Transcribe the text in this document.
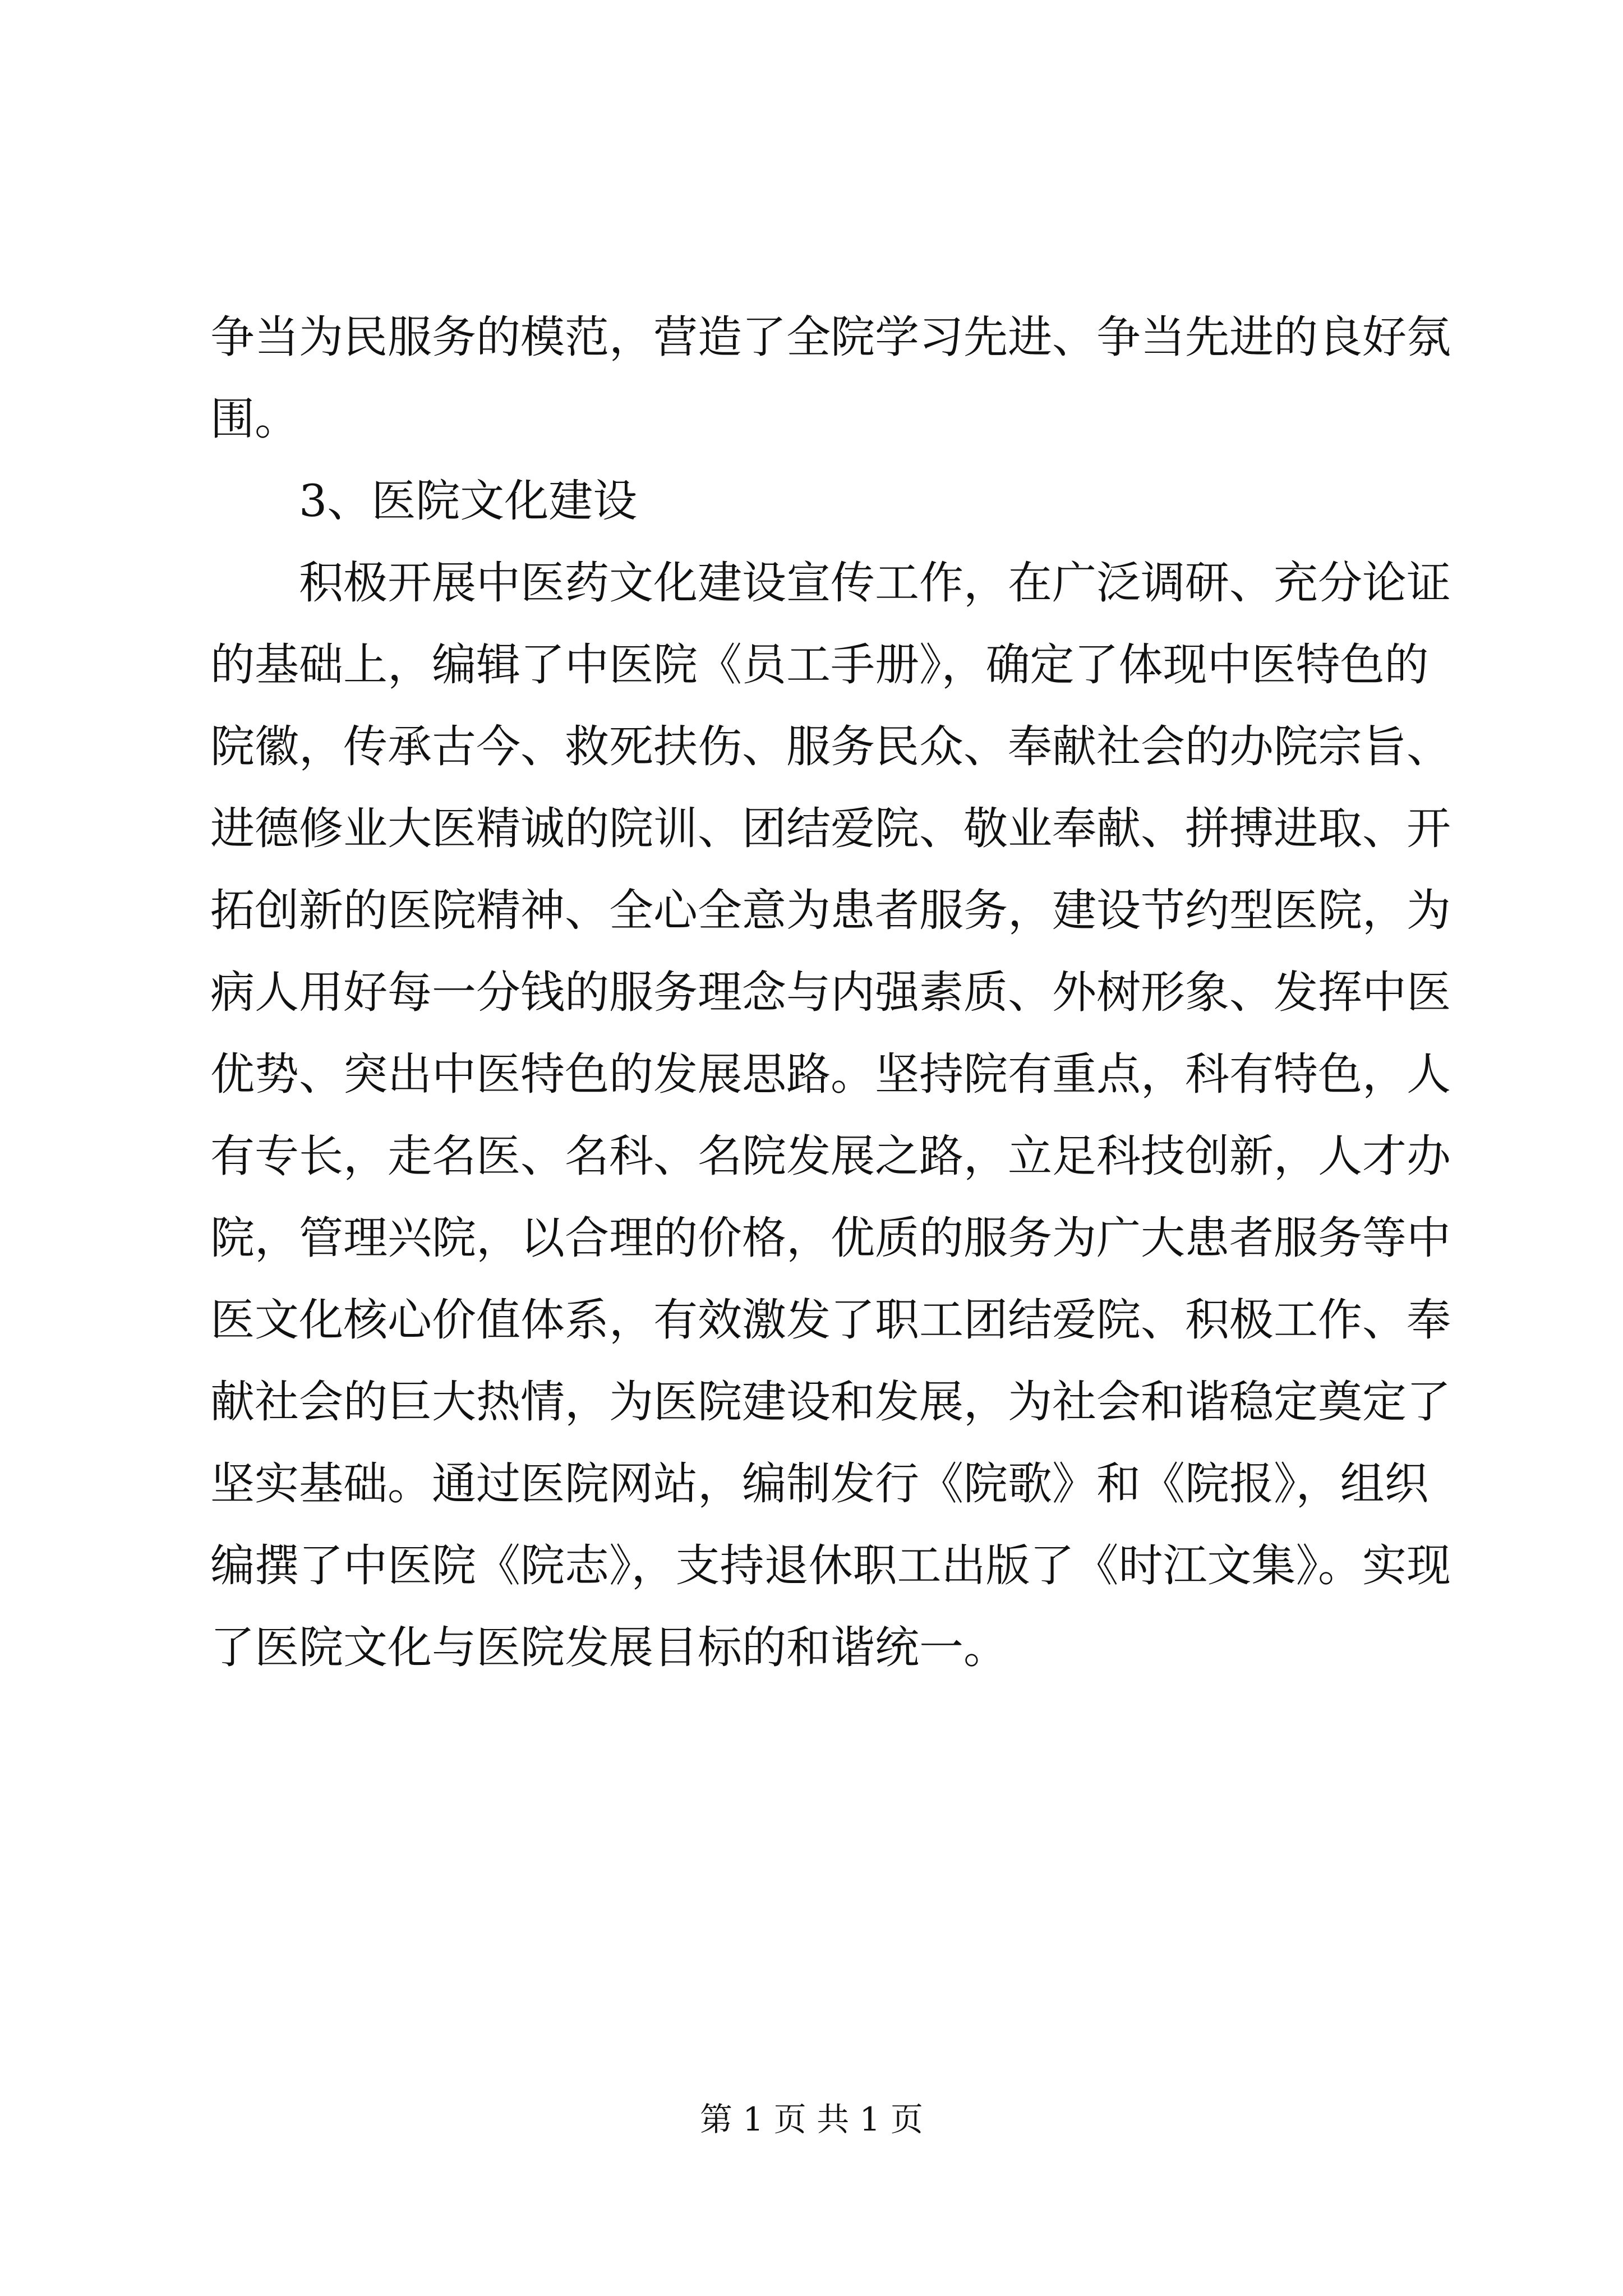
争当为民服务的模范，营造了全院学习先进、争当先进的良好氛
围。
3、医院文化建设
积极开展中医药文化建设宣传工作，在广泛调研、充分论证
的基础上，编辑了中医院《员工手册》，确定了体现中医特色的
院徽，传承古今、救死扶伤、服务民众、奉献社会的办院宗旨、
进德修业大医精诚的院训、团结爱院、敬业奉献、拼搏进取、开
拓创新的医院精神、全心全意为患者服务，建设节约型医院，为
病人用好每一分钱的服务理念与内强素质、外树形象、发挥中医
优势、突出中医特色的发展思路。坚持院有重点，科有特色，人
有专长，走名医、名科、名院发展之路，立足科技创新，人才办
院，管理兴院，以合理的价格，优质的服务为广大患者服务等中
医文化核心价值体系，有效激发了职工团结爱院、积极工作、奉
献社会的巨大热情，为医院建设和发展，为社会和谐稳定奠定了
坚实基础。通过医院网站，编制发行《院歌》和《院报》，组织
编撰了中医院《院志》，支持退休职工出版了《时江文集》。实现
了医院文化与医院发展目标的和谐统一。
第 1 页 共 1 页
